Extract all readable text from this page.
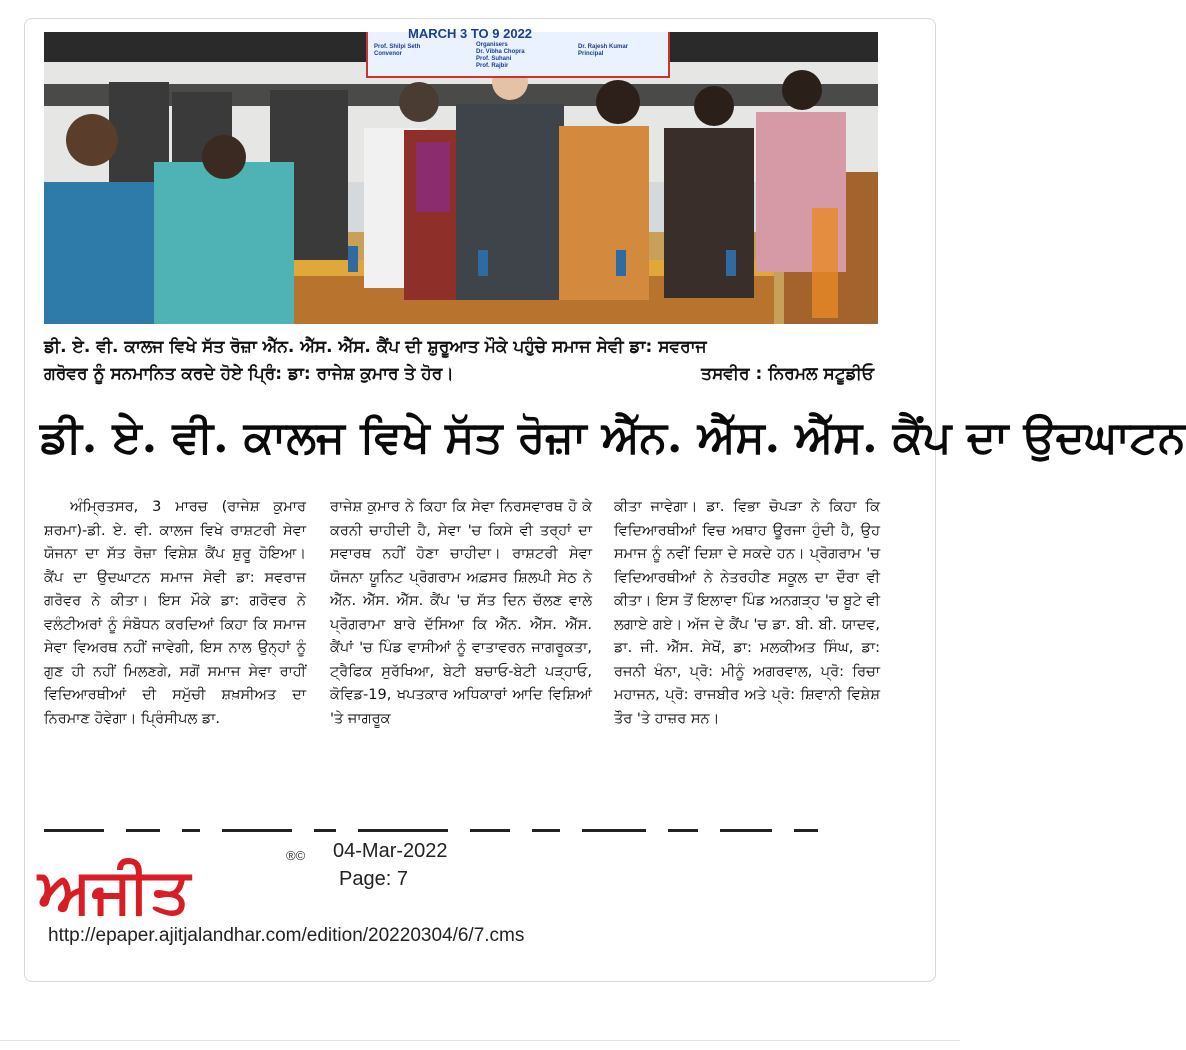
MARCH 3 TO 9 2022
Prof. Shilpi Seth
Convenor
Organisers
Dr. Vibha Chopra
Prof. Suhani
Prof. Rajbir
Dr. Rajesh Kumar
Principal
ਡੀ. ਏ. ਵੀ. ਕਾਲਜ ਵਿਖੇ ਸੱਤ ਰੋਜ਼ਾ ਐੱਨ. ਐੱਸ. ਐੱਸ. ਕੈਂਪ ਦੀ ਸ਼ੁਰੂਆਤ ਮੌਕੇ ਪਹੁੰਚੇ ਸਮਾਜ ਸੇਵੀ ਡਾ: ਸਵਰਾਜ
ਗਰੋਵਰ ਨੂੰ ਸਨਮਾਨਿਤ ਕਰਦੇ ਹੋਏ ਪ੍ਰਿੰ: ਡਾ: ਰਾਜੇਸ਼ ਕੁਮਾਰ ਤੇ ਹੋਰ।	ਤਸਵੀਰ : ਨਿਰਮਲ ਸਟੂਡੀਓ
ਡੀ. ਏ. ਵੀ. ਕਾਲਜ ਵਿਖੇ ਸੱਤ ਰੋਜ਼ਾ ਐੱਨ. ਐੱਸ. ਐੱਸ. ਕੈਂਪ ਦਾ ਉਦਘਾਟਨ
ਅੰਮ੍ਰਿਤਸਰ, 3 ਮਾਰਚ (ਰਾਜੇਸ਼ ਕੁਮਾਰ ਸ਼ਰਮਾ)-ਡੀ. ਏ. ਵੀ. ਕਾਲਜ ਵਿਖੇ ਰਾਸ਼ਟਰੀ ਸੇਵਾ ਯੋਜਨਾ ਦਾ ਸੱਤ ਰੋਜ਼ਾ ਵਿਸ਼ੇਸ਼ ਕੈਂਪ ਸ਼ੁਰੂ ਹੋਇਆ। ਕੈਂਪ ਦਾ ਉਦਘਾਟਨ ਸਮਾਜ ਸੇਵੀ ਡਾ: ਸਵਰਾਜ ਗਰੋਵਰ ਨੇ ਕੀਤਾ। ਇਸ ਮੌਕੇ ਡਾ: ਗਰੋਵਰ ਨੇ ਵਲੰਟੀਅਰਾਂ ਨੂੰ ਸੰਬੋਧਨ ਕਰਦਿਆਂ ਕਿਹਾ ਕਿ ਸਮਾਜ ਸੇਵਾ ਵਿਅਰਥ ਨਹੀਂ ਜਾਵੇਗੀ, ਇਸ ਨਾਲ ਉਨ੍ਹਾਂ ਨੂੰ ਗੁਣ ਹੀ ਨਹੀਂ ਮਿਲਣਗੇ, ਸਗੋਂ ਸਮਾਜ ਸੇਵਾ ਰਾਹੀਂ ਵਿਦਿਆਰਥੀਆਂ ਦੀ ਸਮੁੱਚੀ ਸ਼ਖ਼ਸੀਅਤ ਦਾ ਨਿਰਮਾਣ ਹੋਵੇਗਾ। ਪ੍ਰਿੰਸੀਪਲ ਡਾ.
ਰਾਜੇਸ਼ ਕੁਮਾਰ ਨੇ ਕਿਹਾ ਕਿ ਸੇਵਾ ਨਿਰਸਵਾਰਥ ਹੋ ਕੇ ਕਰਨੀ ਚਾਹੀਦੀ ਹੈ, ਸੇਵਾ 'ਚ ਕਿਸੇ ਵੀ ਤਰ੍ਹਾਂ ਦਾ ਸਵਾਰਥ ਨਹੀਂ ਹੋਣਾ ਚਾਹੀਦਾ। ਰਾਸ਼ਟਰੀ ਸੇਵਾ ਯੋਜਨਾ ਯੂਨਿਟ ਪ੍ਰੋਗਰਾਮ ਅਫ਼ਸਰ ਸ਼ਿਲਪੀ ਸੇਠ ਨੇ ਐੱਨ. ਐੱਸ. ਐੱਸ. ਕੈਂਪ 'ਚ ਸੱਤ ਦਿਨ ਚੱਲਣ ਵਾਲੇ ਪ੍ਰੋਗਰਾਮਾ ਬਾਰੇ ਦੱਸਿਆ ਕਿ ਐੱਨ. ਐੱਸ. ਐੱਸ. ਕੈਂਪਾਂ 'ਚ ਪਿੰਡ ਵਾਸੀਆਂ ਨੂੰ ਵਾਤਾਵਰਨ ਜਾਗਰੂਕਤਾ, ਟ੍ਰੈਫਿਕ ਸੁਰੱਖਿਆ, ਬੇਟੀ ਬਚਾਓ-ਬੇਟੀ ਪੜ੍ਹਾਓ, ਕੋਵਿਡ-19, ਖਪਤਕਾਰ ਅਧਿਕਾਰਾਂ ਆਦਿ ਵਿਸ਼ਿਆਂ 'ਤੇ ਜਾਗਰੂਕ
ਕੀਤਾ ਜਾਵੇਗਾ। ਡਾ. ਵਿਭਾ ਚੋਪੜਾ ਨੇ ਕਿਹਾ ਕਿ ਵਿਦਿਆਰਥੀਆਂ ਵਿਚ ਅਥਾਹ ਊਰਜਾ ਹੁੰਦੀ ਹੈ, ਉਹ ਸਮਾਜ ਨੂੰ ਨਵੀਂ ਦਿਸ਼ਾ ਦੇ ਸਕਦੇ ਹਨ। ਪ੍ਰੋਗਰਾਮ 'ਚ ਵਿਦਿਆਰਥੀਆਂ ਨੇ ਨੇਤਰਹੀਣ ਸਕੂਲ ਦਾ ਦੌਰਾ ਵੀ ਕੀਤਾ। ਇਸ ਤੋਂ ਇਲਾਵਾ ਪਿੰਡ ਅਨਗੜ੍ਹ 'ਚ ਬੂਟੇ ਵੀ ਲਗਾਏ ਗਏ। ਅੱਜ ਦੇ ਕੈਂਪ 'ਚ ਡਾ. ਬੀ. ਬੀ. ਯਾਦਵ, ਡਾ. ਜੀ. ਐੱਸ. ਸੇਖੋਂ, ਡਾ: ਮਲਕੀਅਤ ਸਿੰਘ, ਡਾ: ਰਜਨੀ ਖੰਨਾ, ਪ੍ਰੋ: ਮੀਨੂੰ ਅਗਰਵਾਲ, ਪ੍ਰੋ: ਰਿਚਾ ਮਹਾਜਨ, ਪ੍ਰੋ: ਰਾਜਬੀਰ ਅਤੇ ਪ੍ਰੋ: ਸ਼ਿਵਾਨੀ ਵਿਸ਼ੇਸ਼ ਤੌਰ 'ਤੇ ਹਾਜ਼ਰ ਸਨ।
ਅਜੀਤ	®© 04-Mar-2022
Page: 7
http://epaper.ajitjalandhar.com/edition/20220304/6/7.cms
